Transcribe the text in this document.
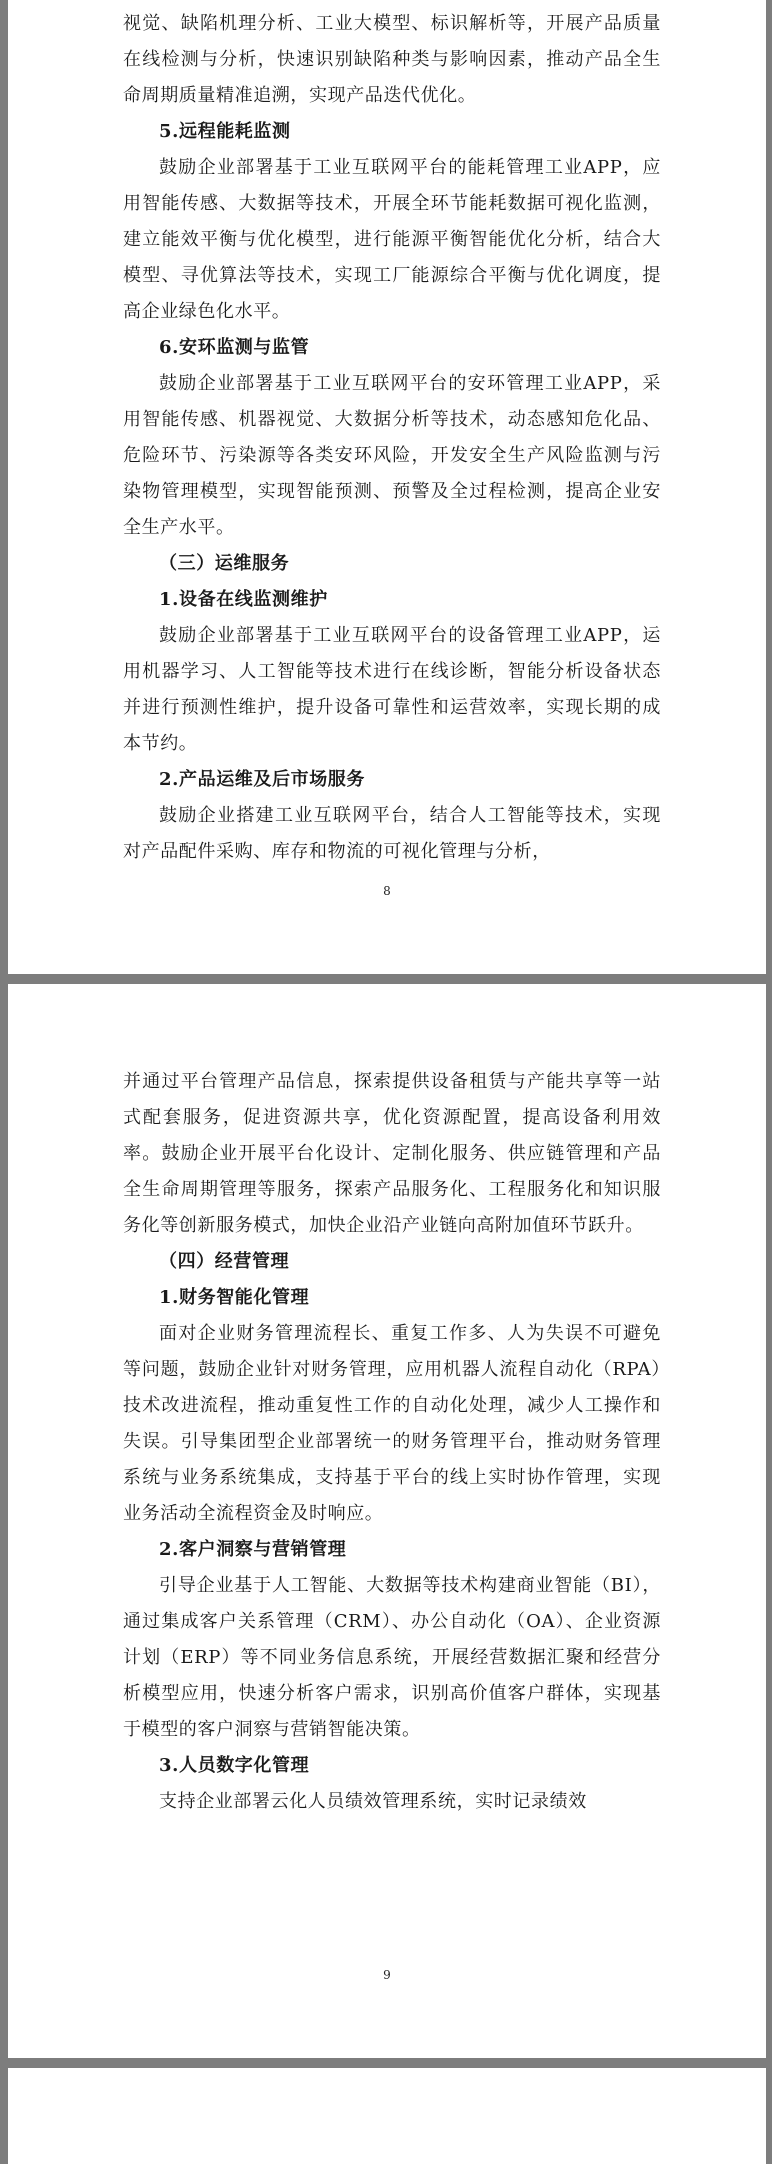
视觉、缺陷机理分析、工业大模型、标识解析等，开展产品质量在线检测与分析，快速识别缺陷种类与影响因素，推动产品全生命周期质量精准追溯，实现产品迭代优化。

5.远程能耗监测

鼓励企业部署基于工业互联网平台的能耗管理工业APP，应用智能传感、大数据等技术，开展全环节能耗数据可视化监测，建立能效平衡与优化模型，进行能源平衡智能优化分析，结合大模型、寻优算法等技术，实现工厂能源综合平衡与优化调度，提高企业绿色化水平。

6.安环监测与监管

鼓励企业部署基于工业互联网平台的安环管理工业APP，采用智能传感、机器视觉、大数据分析等技术，动态感知危化品、危险环节、污染源等各类安环风险，开发安全生产风险监测与污染物管理模型，实现智能预测、预警及全过程检测，提高企业安全生产水平。

（三）运维服务

1.设备在线监测维护

鼓励企业部署基于工业互联网平台的设备管理工业APP，运用机器学习、人工智能等技术进行在线诊断，智能分析设备状态并进行预测性维护，提升设备可靠性和运营效率，实现长期的成本节约。

2.产品运维及后市场服务

鼓励企业搭建工业互联网平台，结合人工智能等技术，实现对产品配件采购、库存和物流的可视化管理与分析，

8

并通过平台管理产品信息，探索提供设备租赁与产能共享等一站式配套服务，促进资源共享，优化资源配置，提高设备利用效率。鼓励企业开展平台化设计、定制化服务、供应链管理和产品全生命周期管理等服务，探索产品服务化、工程服务化和知识服务化等创新服务模式，加快企业沿产业链向高附加值环节跃升。

（四）经营管理

1.财务智能化管理

面对企业财务管理流程长、重复工作多、人为失误不可避免等问题，鼓励企业针对财务管理，应用机器人流程自动化（RPA）技术改进流程，推动重复性工作的自动化处理，减少人工操作和失误。引导集团型企业部署统一的财务管理平台，推动财务管理系统与业务系统集成，支持基于平台的线上实时协作管理，实现业务活动全流程资金及时响应。

2.客户洞察与营销管理

引导企业基于人工智能、大数据等技术构建商业智能（BI），通过集成客户关系管理（CRM）、办公自动化（OA）、企业资源计划（ERP）等不同业务信息系统，开展经营数据汇聚和经营分析模型应用，快速分析客户需求，识别高价值客户群体，实现基于模型的客户洞察与营销智能决策。

3.人员数字化管理

支持企业部署云化人员绩效管理系统，实时记录绩效

9
